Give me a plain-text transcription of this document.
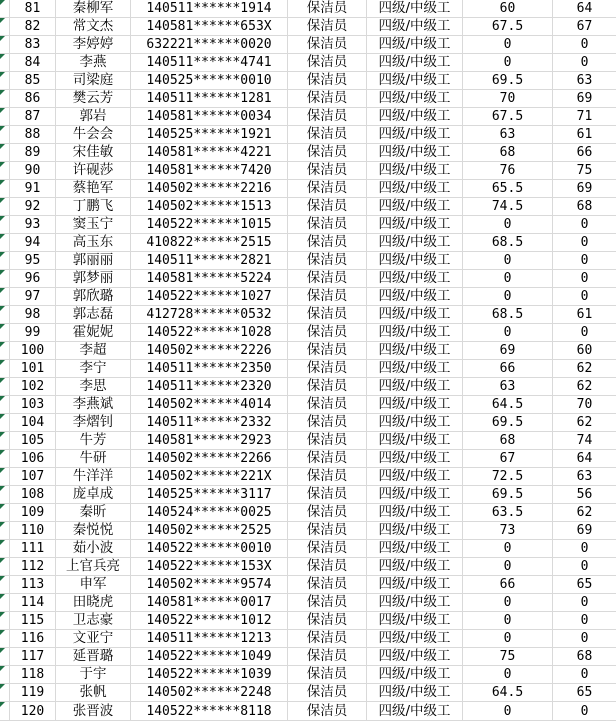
81	秦柳军	140511******1914	保洁员	四级/中级工	60	64
82	常文杰	140581******653X	保洁员	四级/中级工	67.5	67
83	李婷婷	632221******0020	保洁员	四级/中级工	0	0
84	李燕	140511******4741	保洁员	四级/中级工	0	0
85	司梁庭	140525******0010	保洁员	四级/中级工	69.5	63
86	樊云芳	140511******1281	保洁员	四级/中级工	70	69
87	郭岩	140581******0034	保洁员	四级/中级工	67.5	71
88	牛会会	140525******1921	保洁员	四级/中级工	63	61
89	宋佳敏	140581******4221	保洁员	四级/中级工	68	66
90	许砚莎	140581******7420	保洁员	四级/中级工	76	75
91	蔡艳军	140502******2216	保洁员	四级/中级工	65.5	69
92	丁鹏飞	140502******1513	保洁员	四级/中级工	74.5	68
93	窦玉宁	140522******1015	保洁员	四级/中级工	0	0
94	高玉东	410822******2515	保洁员	四级/中级工	68.5	0
95	郭丽丽	140511******2821	保洁员	四级/中级工	0	0
96	郭梦丽	140581******5224	保洁员	四级/中级工	0	0
97	郭欣璐	140522******1027	保洁员	四级/中级工	0	0
98	郭志磊	412728******0532	保洁员	四级/中级工	68.5	61
99	霍妮妮	140522******1028	保洁员	四级/中级工	0	0
100	李超	140502******2226	保洁员	四级/中级工	69	60
101	李宁	140511******2350	保洁员	四级/中级工	66	62
102	李思	140511******2320	保洁员	四级/中级工	63	62
103	李燕斌	140502******4014	保洁员	四级/中级工	64.5	70
104	李熠钊	140511******2332	保洁员	四级/中级工	69.5	62
105	牛芳	140581******2923	保洁员	四级/中级工	68	74
106	牛研	140502******2266	保洁员	四级/中级工	67	64
107	牛洋洋	140502******221X	保洁员	四级/中级工	72.5	63
108	庞卓成	140525******3117	保洁员	四级/中级工	69.5	56
109	秦昕	140524******0025	保洁员	四级/中级工	63.5	62
110	秦悦悦	140502******2525	保洁员	四级/中级工	73	69
111	茹小波	140522******0010	保洁员	四级/中级工	0	0
112	上官兵亮	140522******153X	保洁员	四级/中级工	0	0
113	申军	140502******9574	保洁员	四级/中级工	66	65
114	田晓虎	140581******0017	保洁员	四级/中级工	0	0
115	卫志豪	140522******1012	保洁员	四级/中级工	0	0
116	文亚宁	140511******1213	保洁员	四级/中级工	0	0
117	延晋璐	140522******1049	保洁员	四级/中级工	75	68
118	于宇	140522******1039	保洁员	四级/中级工	0	0
119	张帆	140502******2248	保洁员	四级/中级工	64.5	65
120	张晋波	140522******8118	保洁员	四级/中级工	0	0
